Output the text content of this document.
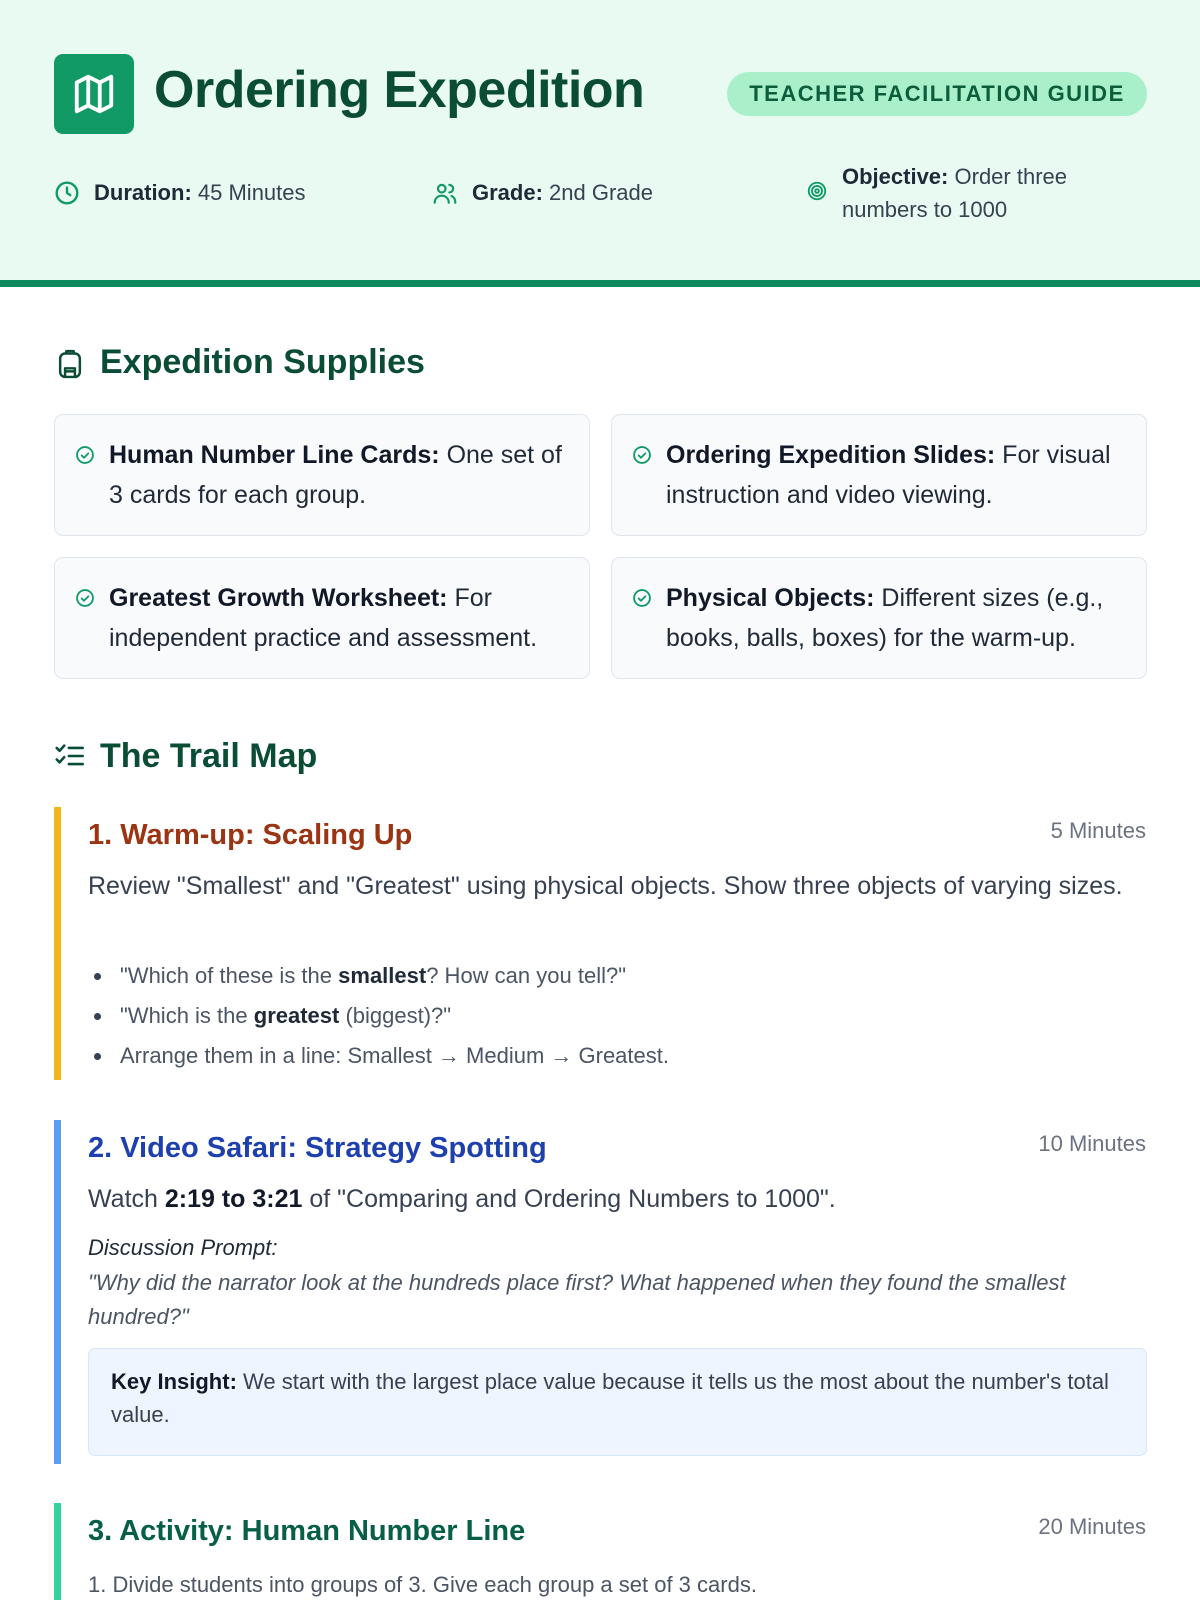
Ordering Expedition	TEACHER FACILITATION GUIDE
Duration: 45 Minutes	Grade: 2nd Grade
Objective: Order three numbers to 1000
Expedition Supplies
Human Number Line Cards: One set of 3 cards for each group.
Ordering Expedition Slides: For visual instruction and video viewing.
Greatest Growth Worksheet: For independent practice and assessment.
Physical Objects: Different sizes (e.g., books, balls, boxes) for the warm-up.
The Trail Map
1. Warm-up: Scaling Up	5 Minutes
Review "Smallest" and "Greatest" using physical objects. Show three objects of varying sizes.
"Which of these is the smallest? How can you tell?"
"Which is the greatest (biggest)?"
Arrange them in a line: Smallest → Medium → Greatest.
2. Video Safari: Strategy Spotting	10 Minutes
Watch 2:19 to 3:21 of "Comparing and Ordering Numbers to 1000".
Discussion Prompt:
"Why did the narrator look at the hundreds place first? What happened when they found the smallest hundred?"
Key Insight: We start with the largest place value because it tells us the most about the number's total value.
3. Activity: Human Number Line	20 Minutes
1. Divide students into groups of 3. Give each group a set of 3 cards.
